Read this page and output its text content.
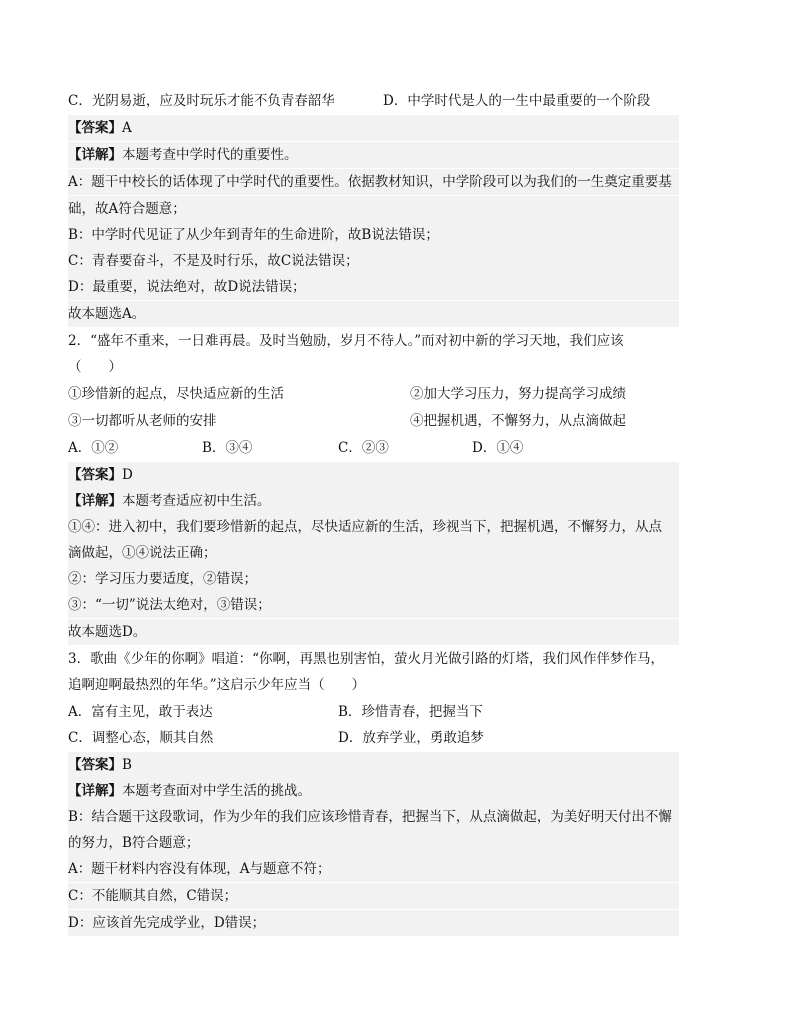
C．光阴易逝，应及时玩乐才能不负青春韶华	D．中学时代是人的一生中最重要的一个阶段
【答案】A
【详解】本题考查中学时代的重要性。
A：题干中校长的话体现了中学时代的重要性。依据教材知识，中学阶段可以为我们的一生奠定重要基
础，故A符合题意；
B：中学时代见证了从少年到青年的生命进阶，故B说法错误；
C：青春要奋斗，不是及时行乐，故C说法错误；
D：最重要，说法绝对，故D说法错误；
故本题选A。
2．“盛年不重来，一日难再晨。及时当勉励，岁月不待人。”而对初中新的学习天地，我们应该
（　　）
①珍惜新的起点，尽快适应新的生活	②加大学习压力，努力提高学习成绩
③一切都听从老师的安排	④把握机遇，不懈努力，从点滴做起
A．①②	B．③④	C．②③	D．①④
【答案】D
【详解】本题考查适应初中生活。
①④：进入初中，我们要珍惜新的起点，尽快适应新的生活，珍视当下，把握机遇，不懈努力，从点
滴做起，①④说法正确；
②：学习压力要适度，②错误；
③：“一切”说法太绝对，③错误；
故本题选D。
3．歌曲《少年的你啊》唱道：“你啊，再黑也别害怕，萤火月光做引路的灯塔，我们风作伴梦作马，
追啊迎啊最热烈的年华。”这启示少年应当（　　）
A．富有主见，敢于表达	B．珍惜青春，把握当下
C．调整心态，顺其自然	D．放弃学业，勇敢追梦
【答案】B
【详解】本题考查面对中学生活的挑战。
B：结合题干这段歌词，作为少年的我们应该珍惜青春，把握当下，从点滴做起，为美好明天付出不懈
的努力，B符合题意；
A：题干材料内容没有体现，A与题意不符；
C：不能顺其自然，C错误；
D：应该首先完成学业，D错误；
